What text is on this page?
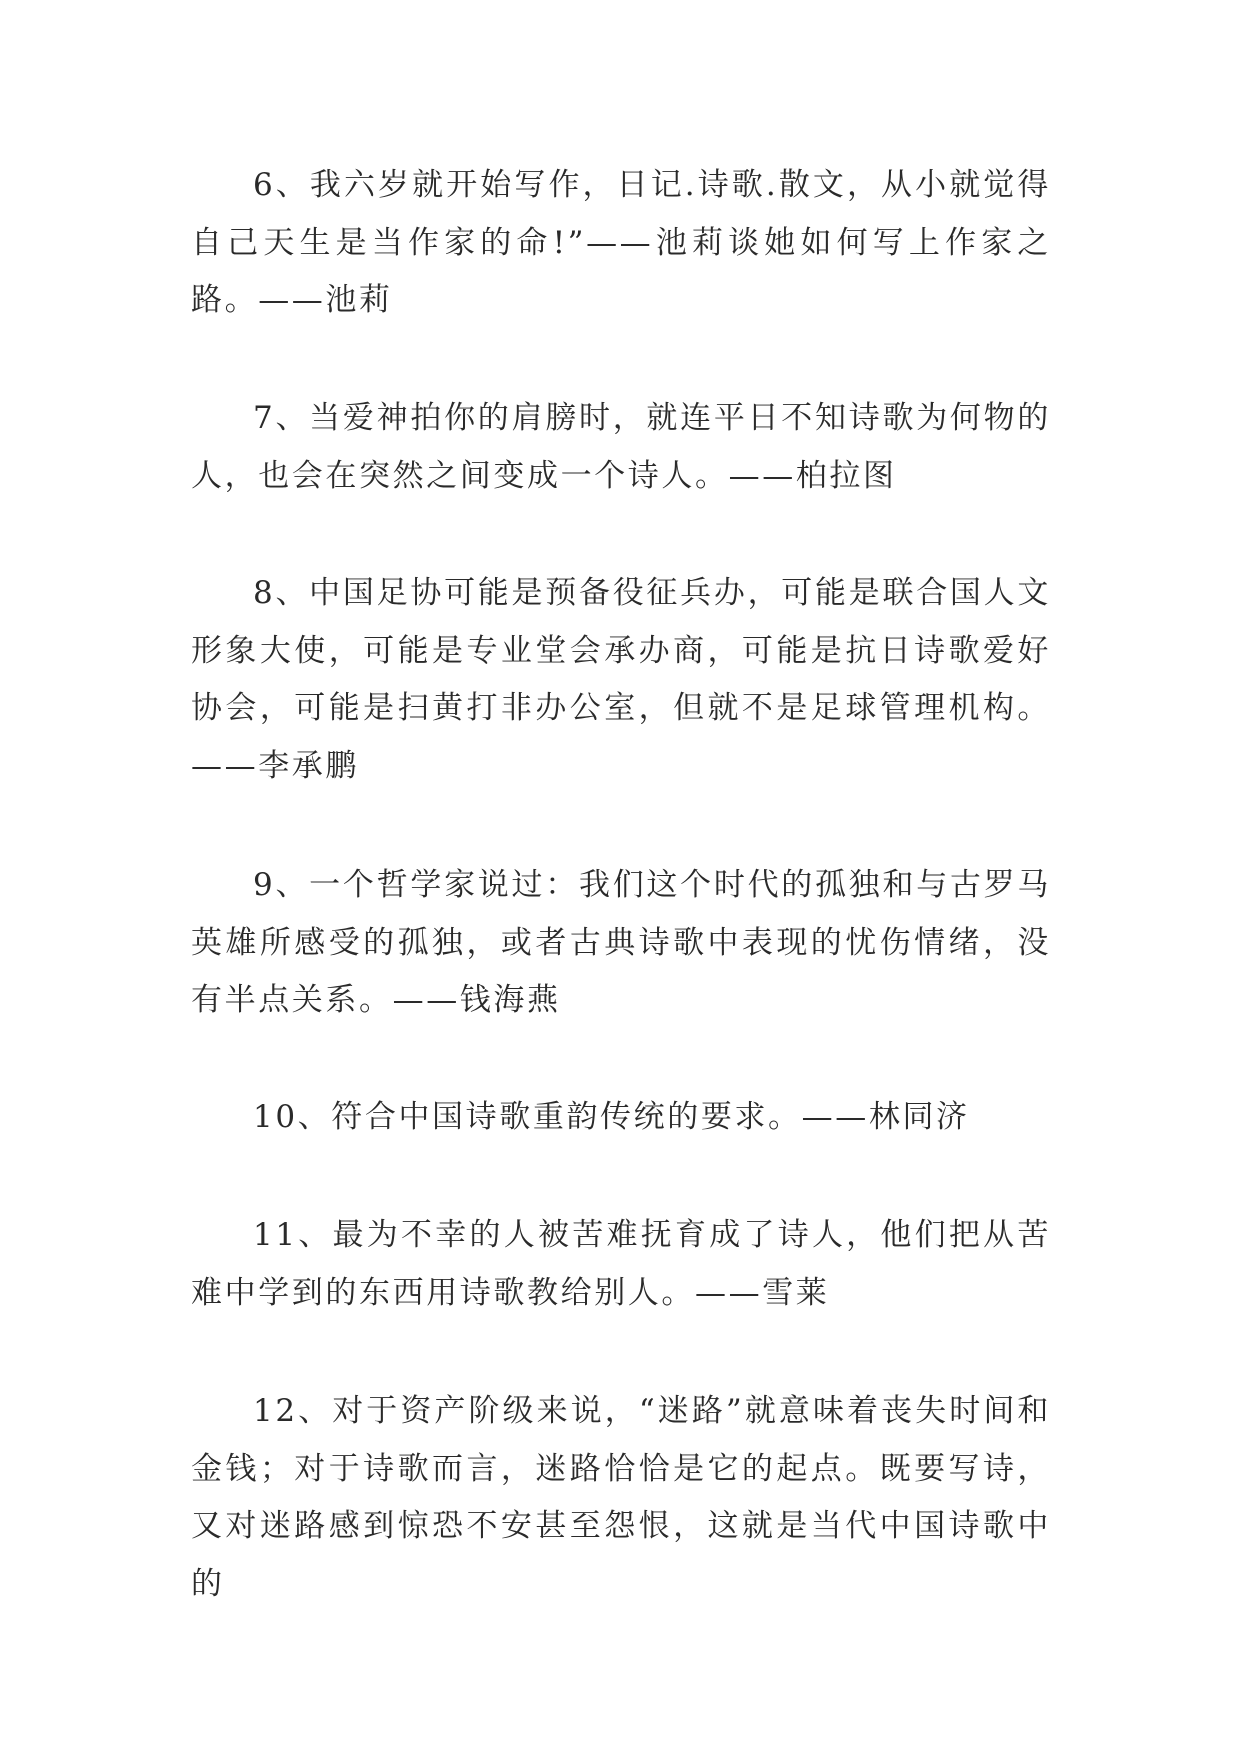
6、我六岁就开始写作，日记.诗歌.散文，从小就觉得自己天生是当作家的命!”——池莉谈她如何写上作家之路。——池莉

7、当爱神拍你的肩膀时，就连平日不知诗歌为何物的人，也会在突然之间变成一个诗人。——柏拉图

8、中国足协可能是预备役征兵办，可能是联合国人文形象大使，可能是专业堂会承办商，可能是抗日诗歌爱好协会，可能是扫黄打非办公室，但就不是足球管理机构。——李承鹏

9、一个哲学家说过：我们这个时代的孤独和与古罗马英雄所感受的孤独，或者古典诗歌中表现的忧伤情绪，没有半点关系。——钱海燕

10、符合中国诗歌重韵传统的要求。——林同济

11、最为不幸的人被苦难抚育成了诗人，他们把从苦难中学到的东西用诗歌教给别人。——雪莱

12、对于资产阶级来说，“迷路”就意味着丧失时间和金钱；对于诗歌而言，迷路恰恰是它的起点。既要写诗，又对迷路感到惊恐不安甚至怨恨，这就是当代中国诗歌中的
